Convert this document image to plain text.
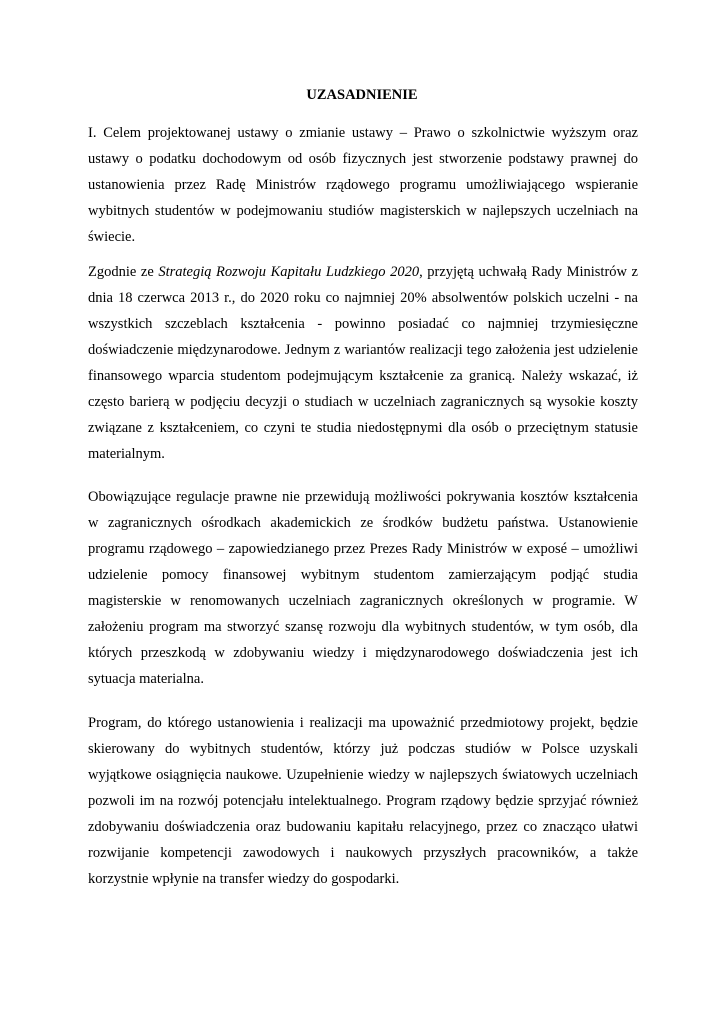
UZASADNIENIE

I. Celem projektowanej ustawy o zmianie ustawy – Prawo o szkolnictwie wyższym oraz ustawy o podatku dochodowym od osób fizycznych jest stworzenie podstawy prawnej do ustanowienia przez Radę Ministrów rządowego programu umożliwiającego wspieranie wybitnych studentów w podejmowaniu studiów magisterskich w najlepszych uczelniach na świecie.

Zgodnie ze Strategią Rozwoju Kapitału Ludzkiego 2020, przyjętą uchwałą Rady Ministrów z dnia 18 czerwca 2013 r., do 2020 roku co najmniej 20% absolwentów polskich uczelni - na wszystkich szczeblach kształcenia - powinno posiadać co najmniej trzymiesięczne doświadczenie międzynarodowe. Jednym z wariantów realizacji tego założenia jest udzielenie finansowego wparcia studentom podejmującym kształcenie za granicą. Należy wskazać, iż często barierą w podjęciu decyzji o studiach w uczelniach zagranicznych są wysokie koszty związane z kształceniem, co czyni te studia niedostępnymi dla osób o przeciętnym statusie materialnym.

Obowiązujące regulacje prawne nie przewidują możliwości pokrywania kosztów kształcenia w zagranicznych ośrodkach akademickich ze środków budżetu państwa. Ustanowienie programu rządowego – zapowiedzianego przez Prezes Rady Ministrów w exposé – umożliwi udzielenie pomocy finansowej wybitnym studentom zamierzającym podjąć studia magisterskie w renomowanych uczelniach zagranicznych określonych w programie. W założeniu program ma stworzyć szansę rozwoju dla wybitnych studentów, w tym osób, dla których przeszkodą w zdobywaniu wiedzy i międzynarodowego doświadczenia jest ich sytuacja materialna.

Program, do którego ustanowienia i realizacji ma upoważnić przedmiotowy projekt, będzie skierowany do wybitnych studentów, którzy już podczas studiów w Polsce uzyskali wyjątkowe osiągnięcia naukowe. Uzupełnienie wiedzy w najlepszych światowych uczelniach pozwoli im na rozwój potencjału intelektualnego. Program rządowy będzie sprzyjać również zdobywaniu doświadczenia oraz budowaniu kapitału relacyjnego, przez co znacząco ułatwi rozwijanie kompetencji zawodowych i naukowych przyszłych pracowników, a także korzystnie wpłynie na transfer wiedzy do gospodarki.
